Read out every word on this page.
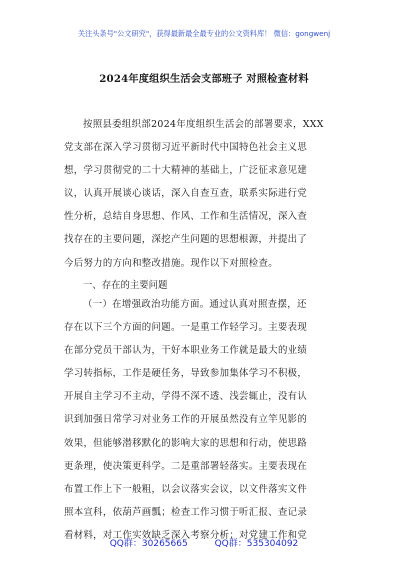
关注头条号"公文研究"，获得最新最全最专业的公文资料库！ 微信：gongwenj
2024年度组织生活会支部班子 对照检查材料
按照县委组织部2024年度组织生活会的部署要求，XXX
党支部在深入学习贯彻习近平新时代中国特色社会主义思
想，学习贯彻党的二十大精神的基础上，广泛征求意见建
议，认真开展谈心谈话，深入自查互查，联系实际进行党
性分析，总结自身思想、作风、工作和生活情况，深入查
找存在的主要问题，深挖产生问题的思想根源，并提出了
今后努力的方向和整改措施。现作以下对照检查。
一、存在的主要问题
（一）在增强政治功能方面。通过认真对照查摆，还
存在以下三个方面的问题。一是重工作轻学习。主要表现
在部分党员干部认为，干好本职业务工作就是最大的业绩
学习转指标，工作是硬任务，导致参加集体学习不积极，
开展自主学习不主动，学得不深不透、浅尝辄止，没有认
识到加强日常学习对业务工作的开展虽然没有立竿见影的
效果，但能够潜移默化的影响大家的思想和行动，使思路
更条理，使决策更科学。二是重部署轻落实。主要表现在
布置工作上下一般粗，以会议落实会议，以文件落实文件
照本宣科，依葫芦画瓢；检查工作习惯于听汇报、查记录
看材料，对工作实效缺乏深入考察分析；对党建工作和党
QQ群：30265665	QQ群：535304092
